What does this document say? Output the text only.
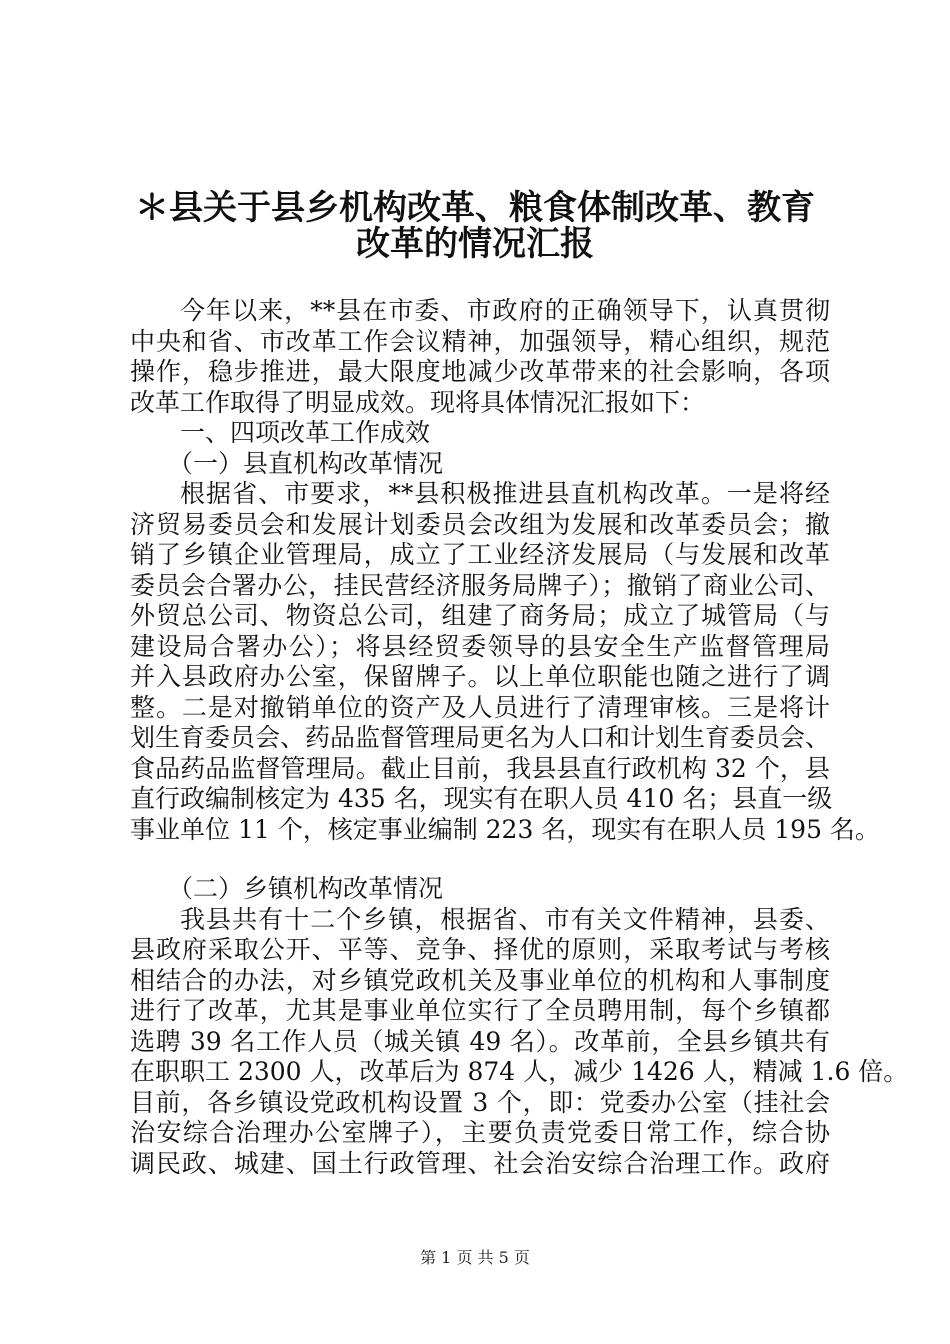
＊县关于县乡机构改革、粮食体制改革、教育
改革的情况汇报
今年以来，**县在市委、市政府的正确领导下，认真贯彻
中央和省、市改革工作会议精神，加强领导，精心组织，规范
操作，稳步推进，最大限度地减少改革带来的社会影响，各项
改革工作取得了明显成效。现将具体情况汇报如下：
一、四项改革工作成效
（一）县直机构改革情况
根据省、市要求，**县积极推进县直机构改革。一是将经
济贸易委员会和发展计划委员会改组为发展和改革委员会；撤
销了乡镇企业管理局，成立了工业经济发展局（与发展和改革
委员会合署办公，挂民营经济服务局牌子）；撤销了商业公司、
外贸总公司、物资总公司，组建了商务局；成立了城管局（与
建设局合署办公）；将县经贸委领导的县安全生产监督管理局
并入县政府办公室，保留牌子。以上单位职能也随之进行了调
整。二是对撤销单位的资产及人员进行了清理审核。三是将计
划生育委员会、药品监督管理局更名为人口和计划生育委员会、
食品药品监督管理局。截止目前，我县县直行政机构 32 个，县
直行政编制核定为 435 名，现实有在职人员 410 名；县直一级
事业单位 11 个，核定事业编制 223 名，现实有在职人员 195 名。
（二）乡镇机构改革情况
我县共有十二个乡镇，根据省、市有关文件精神，县委、
县政府采取公开、平等、竞争、择优的原则，采取考试与考核
相结合的办法，对乡镇党政机关及事业单位的机构和人事制度
进行了改革，尤其是事业单位实行了全员聘用制，每个乡镇都
选聘 39 名工作人员（城关镇 49 名）。改革前，全县乡镇共有
在职职工 2300 人，改革后为 874 人，减少 1426 人，精减 1.6 倍。
目前，各乡镇设党政机构设置 3 个，即：党委办公室（挂社会
治安综合治理办公室牌子），主要负责党委日常工作，综合协
调民政、城建、国土行政管理、社会治安综合治理工作。政府
第 1 页 共 5 页
